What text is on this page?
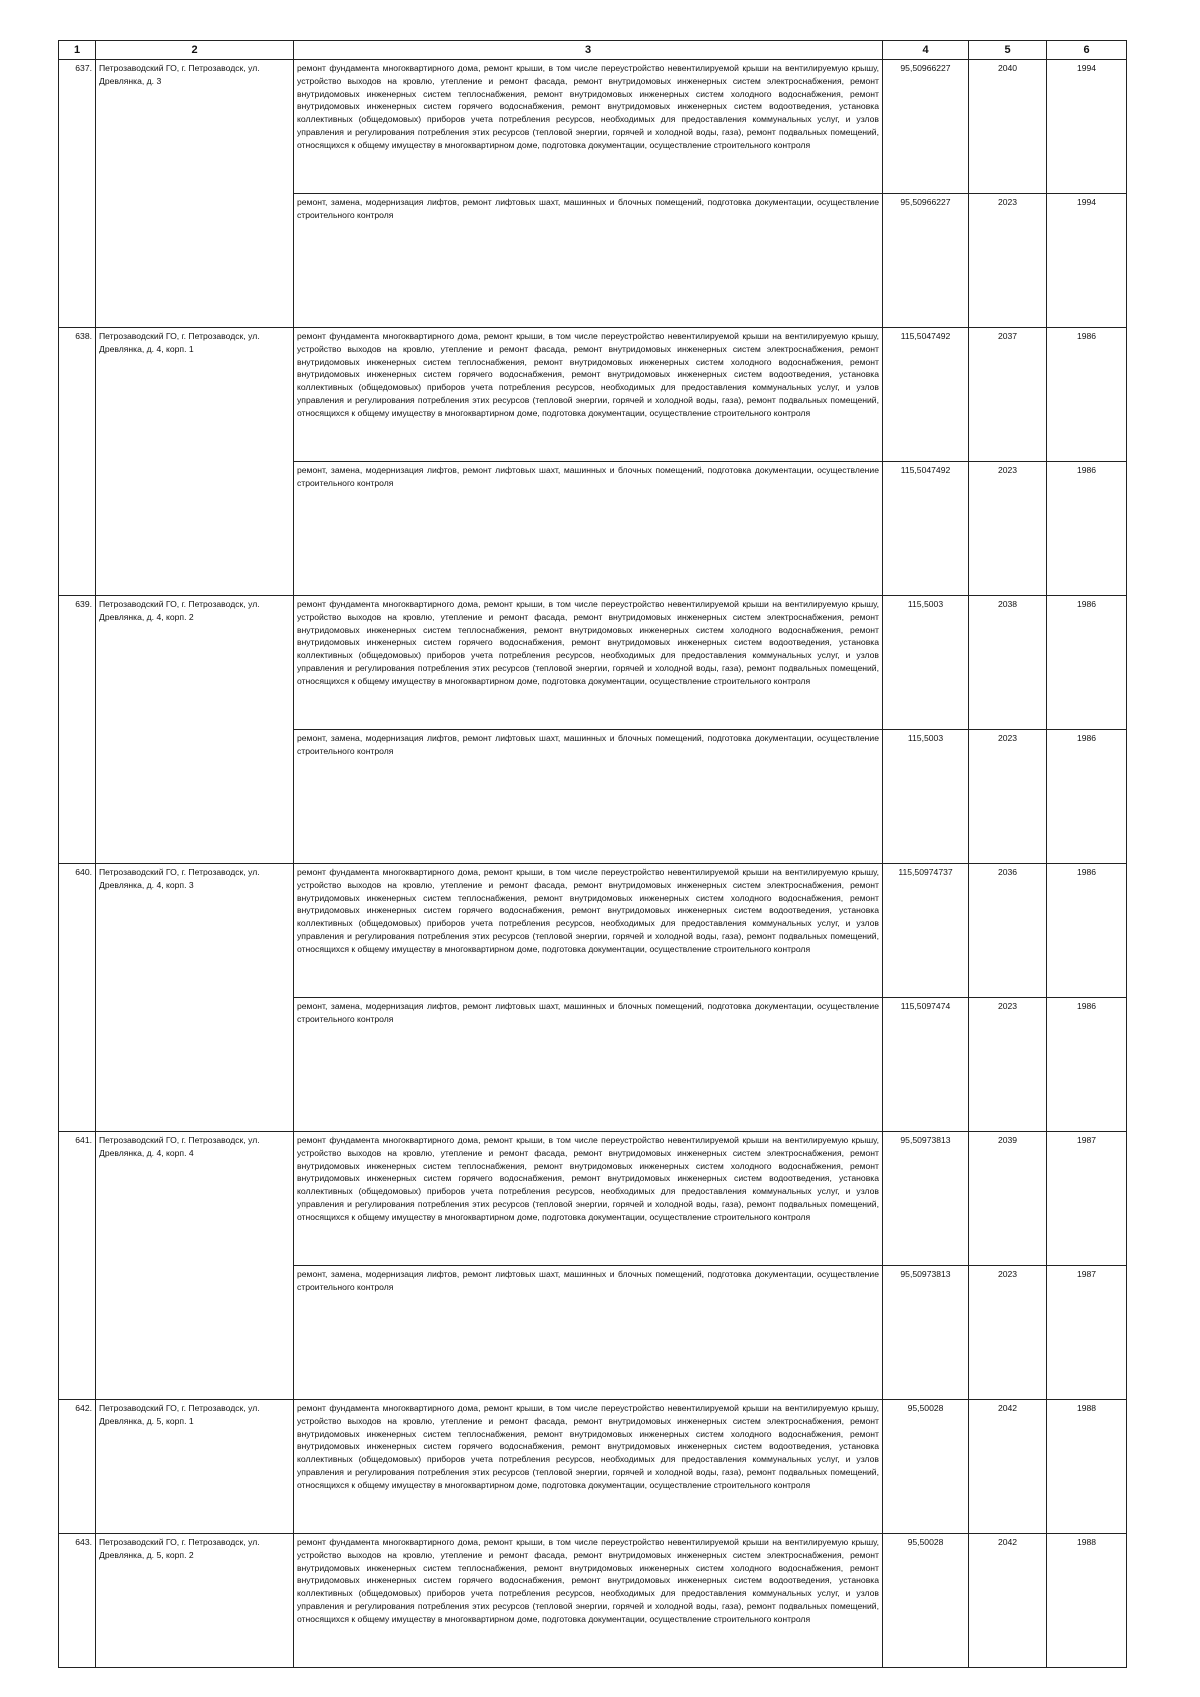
1	2	3	4	5	6
637.	Петрозаводский ГО, г. Петрозаводск, ул. Древлянка, д. 3	ремонт фундамента многоквартирного дома, ремонт крыши, в том числе переустройство невентилируемой крыши на вентилируемую крышу, устройство выходов на кровлю, утепление и ремонт фасада, ремонт внутридомовых инженерных систем электроснабжения, ремонт внутридомовых инженерных систем теплоснабжения, ремонт внутридомовых инженерных систем холодного водоснабжения, ремонт внутридомовых инженерных систем горячего водоснабжения, ремонт внутридомовых инженерных систем водоотведения, установка коллективных (общедомовых) приборов учета потребления ресурсов, необходимых для предоставления коммунальных услуг, и узлов управления и регулирования потребления этих ресурсов (тепловой энергии, горячей и холодной воды, газа), ремонт подвальных помещений, относящихся к общему имуществу в многоквартирном доме, подготовка документации, осуществление строительного контроля	95,50966227	2040	1994
		ремонт, замена, модернизация лифтов, ремонт лифтовых шахт, машинных и блочных помещений, подготовка документации, осуществление строительного контроля	95,50966227	2023	1994
638.	Петрозаводский ГО, г. Петрозаводск, ул. Древлянка, д. 4, корп. 1	ремонт фундамента многоквартирного дома, ремонт крыши, в том числе переустройство невентилируемой крыши на вентилируемую крышу, устройство выходов на кровлю, утепление и ремонт фасада, ремонт внутридомовых инженерных систем электроснабжения, ремонт внутридомовых инженерных систем теплоснабжения, ремонт внутридомовых инженерных систем холодного водоснабжения, ремонт внутридомовых инженерных систем горячего водоснабжения, ремонт внутридомовых инженерных систем водоотведения, установка коллективных (общедомовых) приборов учета потребления ресурсов, необходимых для предоставления коммунальных услуг, и узлов управления и регулирования потребления этих ресурсов (тепловой энергии, горячей и холодной воды, газа), ремонт подвальных помещений, относящихся к общему имуществу в многоквартирном доме, подготовка документации, осуществление строительного контроля	115,5047492	2037	1986
		ремонт, замена, модернизация лифтов, ремонт лифтовых шахт, машинных и блочных помещений, подготовка документации, осуществление строительного контроля	115,5047492	2023	1986
639.	Петрозаводский ГО, г. Петрозаводск, ул. Древлянка, д. 4, корп. 2	ремонт фундамента многоквартирного дома, ремонт крыши, в том числе переустройство невентилируемой крыши на вентилируемую крышу, устройство выходов на кровлю, утепление и ремонт фасада, ремонт внутридомовых инженерных систем электроснабжения, ремонт внутридомовых инженерных систем теплоснабжения, ремонт внутридомовых инженерных систем холодного водоснабжения, ремонт внутридомовых инженерных систем горячего водоснабжения, ремонт внутридомовых инженерных систем водоотведения, установка коллективных (общедомовых) приборов учета потребления ресурсов, необходимых для предоставления коммунальных услуг, и узлов управления и регулирования потребления этих ресурсов (тепловой энергии, горячей и холодной воды, газа), ремонт подвальных помещений, относящихся к общему имуществу в многоквартирном доме, подготовка документации, осуществление строительного контроля	115,5003	2038	1986
		ремонт, замена, модернизация лифтов, ремонт лифтовых шахт, машинных и блочных помещений, подготовка документации, осуществление строительного контроля	115,5003	2023	1986
640.	Петрозаводский ГО, г. Петрозаводск, ул. Древлянка, д. 4, корп. 3	ремонт фундамента многоквартирного дома, ремонт крыши, в том числе переустройство невентилируемой крыши на вентилируемую крышу, устройство выходов на кровлю, утепление и ремонт фасада, ремонт внутридомовых инженерных систем электроснабжения, ремонт внутридомовых инженерных систем теплоснабжения, ремонт внутридомовых инженерных систем холодного водоснабжения, ремонт внутридомовых инженерных систем горячего водоснабжения, ремонт внутридомовых инженерных систем водоотведения, установка коллективных (общедомовых) приборов учета потребления ресурсов, необходимых для предоставления коммунальных услуг, и узлов управления и регулирования потребления этих ресурсов (тепловой энергии, горячей и холодной воды, газа), ремонт подвальных помещений, относящихся к общему имуществу в многоквартирном доме, подготовка документации, осуществление строительного контроля	115,50974737	2036	1986
		ремонт, замена, модернизация лифтов, ремонт лифтовых шахт, машинных и блочных помещений, подготовка документации, осуществление строительного контроля	115,5097474	2023	1986
641.	Петрозаводский ГО, г. Петрозаводск, ул. Древлянка, д. 4, корп. 4	ремонт фундамента многоквартирного дома, ремонт крыши, в том числе переустройство невентилируемой крыши на вентилируемую крышу, устройство выходов на кровлю, утепление и ремонт фасада, ремонт внутридомовых инженерных систем электроснабжения, ремонт внутридомовых инженерных систем теплоснабжения, ремонт внутридомовых инженерных систем холодного водоснабжения, ремонт внутридомовых инженерных систем горячего водоснабжения, ремонт внутридомовых инженерных систем водоотведения, установка коллективных (общедомовых) приборов учета потребления ресурсов, необходимых для предоставления коммунальных услуг, и узлов управления и регулирования потребления этих ресурсов (тепловой энергии, горячей и холодной воды, газа), ремонт подвальных помещений, относящихся к общему имуществу в многоквартирном доме, подготовка документации, осуществление строительного контроля	95,50973813	2039	1987
		ремонт, замена, модернизация лифтов, ремонт лифтовых шахт, машинных и блочных помещений, подготовка документации, осуществление строительного контроля	95,50973813	2023	1987
642.	Петрозаводский ГО, г. Петрозаводск, ул. Древлянка, д. 5, корп. 1	ремонт фундамента многоквартирного дома, ремонт крыши, в том числе переустройство невентилируемой крыши на вентилируемую крышу, устройство выходов на кровлю, утепление и ремонт фасада, ремонт внутридомовых инженерных систем электроснабжения, ремонт внутридомовых инженерных систем теплоснабжения, ремонт внутридомовых инженерных систем холодного водоснабжения, ремонт внутридомовых инженерных систем горячего водоснабжения, ремонт внутридомовых инженерных систем водоотведения, установка коллективных (общедомовых) приборов учета потребления ресурсов, необходимых для предоставления коммунальных услуг, и узлов управления и регулирования потребления этих ресурсов (тепловой энергии, горячей и холодной воды, газа), ремонт подвальных помещений, относящихся к общему имуществу в многоквартирном доме, подготовка документации, осуществление строительного контроля	95,50028	2042	1988
643.	Петрозаводский ГО, г. Петрозаводск, ул. Древлянка, д. 5, корп. 2	ремонт фундамента многоквартирного дома, ремонт крыши, в том числе переустройство невентилируемой крыши на вентилируемую крышу, устройство выходов на кровлю, утепление и ремонт фасада, ремонт внутридомовых инженерных систем электроснабжения, ремонт внутридомовых инженерных систем теплоснабжения, ремонт внутридомовых инженерных систем холодного водоснабжения, ремонт внутридомовых инженерных систем горячего водоснабжения, ремонт внутридомовых инженерных систем водоотведения, установка коллективных (общедомовых) приборов учета потребления ресурсов, необходимых для предоставления коммунальных услуг, и узлов управления и регулирования потребления этих ресурсов (тепловой энергии, горячей и холодной воды, газа), ремонт подвальных помещений, относящихся к общему имуществу в многоквартирном доме, подготовка документации, осуществление строительного контроля	95,50028	2042	1988
